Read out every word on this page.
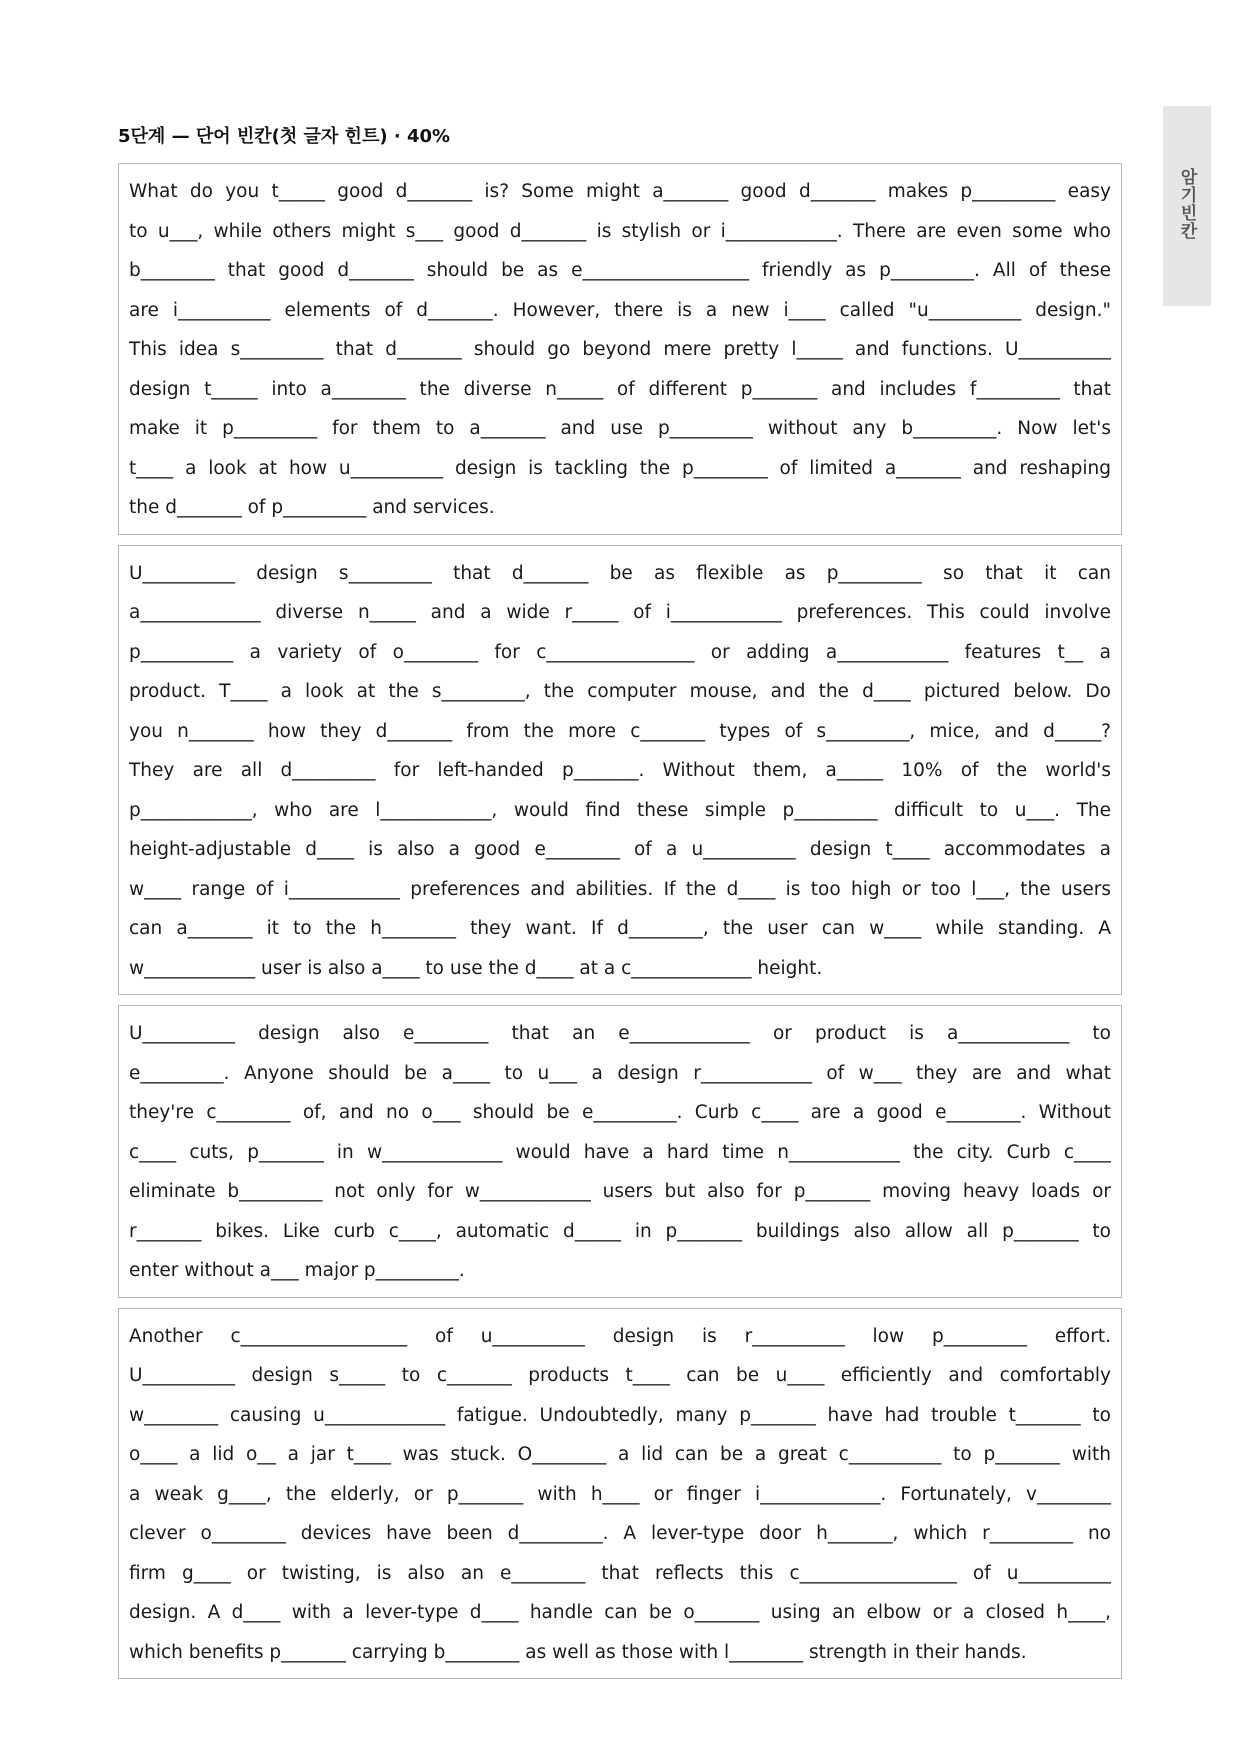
암기빈칸
5단계 — 단어 빈칸(첫 글자 힌트) · 40%
What do you t_____ good d_______ is? Some might a_______ good d_______ makes p_________ easy
to u___, while others might s___ good d_______ is stylish or i____________. There are even some who
b________ that good d_______ should be as e__________________ friendly as p_________. All of these
are i__________ elements of d_______. However, there is a new i____ called "u__________ design."
This idea s_________ that d_______ should go beyond mere pretty l_____ and functions. U__________
design t_____ into a________ the diverse n_____ of different p_______ and includes f_________ that
make it p_________ for them to a_______ and use p_________ without any b_________. Now let's
t____ a look at how u__________ design is tackling the p________ of limited a_______ and reshaping
the d_______ of p_________ and services.
U__________ design s_________ that d_______ be as flexible as p_________ so that it can
a_____________ diverse n_____ and a wide r_____ of i____________ preferences. This could involve
p__________ a variety of o________ for c________________ or adding a____________ features t__ a
product. T____ a look at the s_________, the computer mouse, and the d____ pictured below. Do
you n_______ how they d_______ from the more c_______ types of s_________, mice, and d_____?
They are all d_________ for left-handed p_______. Without them, a_____ 10% of the world's
p____________, who are l____________, would find these simple p_________ difficult to u___. The
height-adjustable d____ is also a good e________ of a u__________ design t____ accommodates a
w____ range of i____________ preferences and abilities. If the d____ is too high or too l___, the users
can a_______ it to the h________ they want. If d________, the user can w____ while standing. A
w____________ user is also a____ to use the d____ at a c_____________ height.
U__________ design also e________ that an e_____________ or product is a____________ to
e_________. Anyone should be a____ to u___ a design r____________ of w___ they are and what
they're c________ of, and no o___ should be e_________. Curb c____ are a good e________. Without
c____ cuts, p_______ in w_____________ would have a hard time n____________ the city. Curb c____
eliminate b_________ not only for w____________ users but also for p_______ moving heavy loads or
r_______ bikes. Like curb c____, automatic d_____ in p_______ buildings also allow all p_______ to
enter without a___ major p_________.
Another c__________________ of u__________ design is r__________ low p_________ effort.
U__________ design s_____ to c_______ products t____ can be u____ efficiently and comfortably
w________ causing u_____________ fatigue. Undoubtedly, many p_______ have had trouble t_______ to
o____ a lid o__ a jar t____ was stuck. O________ a lid can be a great c__________ to p_______ with
a weak g____, the elderly, or p_______ with h____ or finger i_____________. Fortunately, v________
clever o________ devices have been d_________. A lever-type door h_______, which r_________ no
firm g____ or twisting, is also an e________ that reflects this c_________________ of u__________
design. A d____ with a lever-type d____ handle can be o_______ using an elbow or a closed h____,
which benefits p_______ carrying b________ as well as those with l________ strength in their hands.
